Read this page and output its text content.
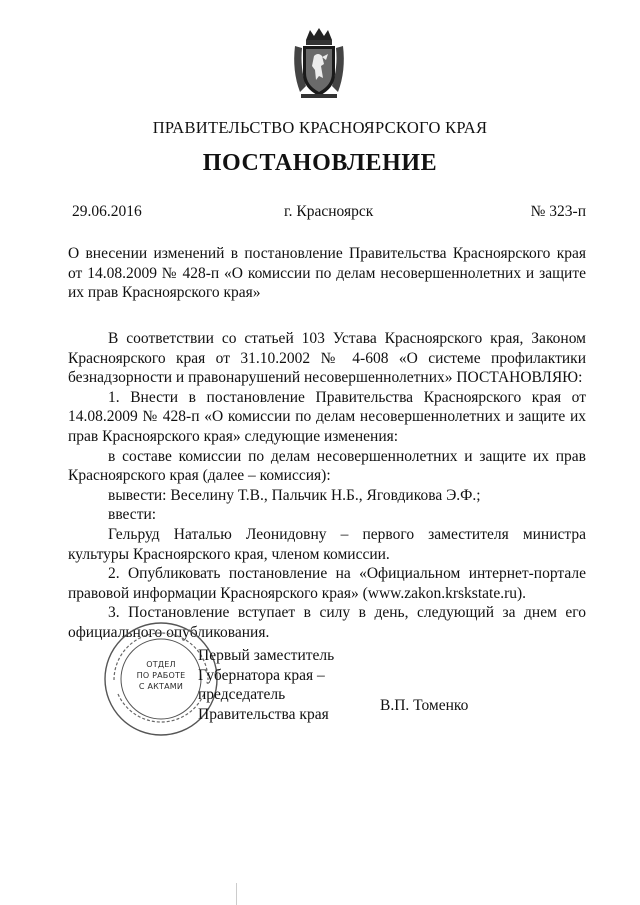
ПРАВИТЕЛЬСТВО КРАСНОЯРСКОГО КРАЯ
ПОСТАНОВЛЕНИЕ
29.06.2016	г. Красноярск	№ 323-п
О внесении изменений в постановление Правительства Красноярского края от 14.08.2009 № 428-п «О комиссии по делам несовершеннолетних и защите их прав Красноярского края»

В соответствии со статьей 103 Устава Красноярского края, Законом Красноярского края от 31.10.2002 № 4-608 «О системе профилактики безнадзорности и правонарушений несовершеннолетних» ПОСТАНОВЛЯЮ:

1. Внести в постановление Правительства Красноярского края от 14.08.2009 № 428-п «О комиссии по делам несовершеннолетних и защите их прав Красноярского края» следующие изменения:

в составе комиссии по делам несовершеннолетних и защите их прав Красноярского края (далее – комиссия):

вывести: Веселину Т.В., Пальчик Н.Б., Яговдикова Э.Ф.;

ввести:

Гельруд Наталью Леонидовну – первого заместителя министра культуры Красноярского края, членом комиссии.

2. Опубликовать постановление на «Официальном интернет-портале правовой информации Красноярского края» (www.zakon.krskstate.ru).

3. Постановление вступает в силу в день, следующий за днем его официального опубликования.

ОТДЕЛ
ПО РАБОТЕ
С АКТАМИ
Первый заместитель
Губернатора края –
председатель
Правительства края
В.П. Томенко
